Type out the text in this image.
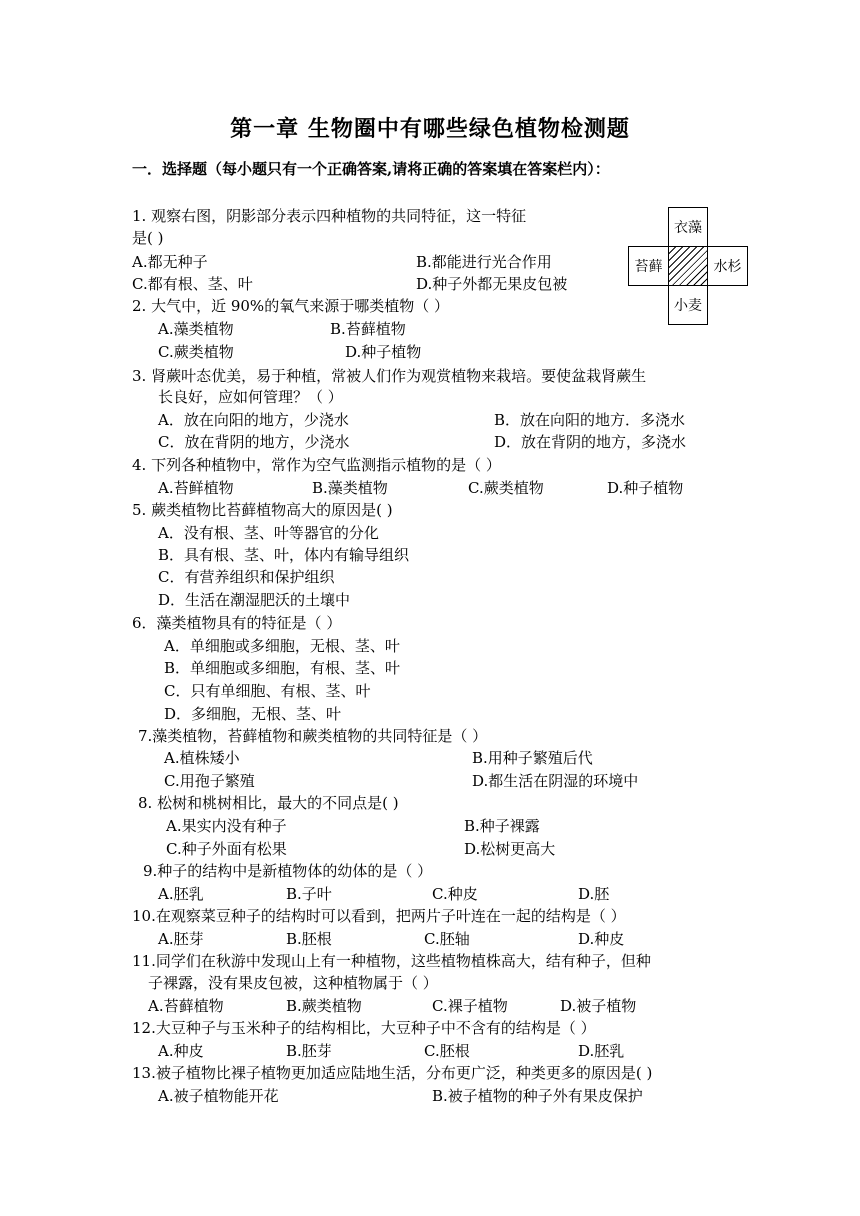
第一章 生物圈中有哪些绿色植物检测题
一．选择题（每小题只有一个正确答案,请将正确的答案填在答案栏内）：
衣藻
苔藓	水杉
小麦
1. 观察右图，阴影部分表示四种植物的共同特征，这一特征
是( )
A.都无种子	B.都能进行光合作用
C.都有根、茎、叶	D.种子外都无果皮包被
2. 大气中，近 90%的氧气来源于哪类植物（ ）
A.藻类植物	B.苔藓植物
C.蕨类植物	D.种子植物
3. 肾蕨叶态优美，易于种植，常被人们作为观赏植物来栽培。要使盆栽肾蕨生
长良好，应如何管理？（ ）
A．放在向阳的地方，少浇水	B．放在向阳的地方．多浇水
C．放在背阴的地方，少浇水	D．放在背阴的地方，多浇水
4. 下列各种植物中，常作为空气监测指示植物的是（ ）
A.苔鲜植物	B.藻类植物	C.蕨类植物	D.种子植物
5. 蕨类植物比苔藓植物高大的原因是( )
A．没有根、茎、叶等器官的分化
B．具有根、茎、叶，体内有输导组织
C．有营养组织和保护组织
D．生活在潮湿肥沃的土壤中
6．藻类植物具有的特征是（ ）
A．单细胞或多细胞，无根、茎、叶
B．单细胞或多细胞，有根、茎、叶
C．只有单细胞、有根、茎、叶
D．多细胞，无根、茎、叶
7.藻类植物，苔藓植物和蕨类植物的共同特征是（ ）
A.植株矮小	B.用种子繁殖后代
C.用孢子繁殖	D.都生活在阴湿的环境中
8. 松树和桃树相比，最大的不同点是( )
A.果实内没有种子	B.种子裸露
C.种子外面有松果	D.松树更高大
9.种子的结构中是新植物体的幼体的是（ ）
A.胚乳	B.子叶	C.种皮	D.胚
10.在观察菜豆种子的结构时可以看到，把两片子叶连在一起的结构是（ ）
A.胚芽	B.胚根	C.胚轴	D.种皮
11.同学们在秋游中发现山上有一种植物，这些植物植株高大，结有种子，但种
子裸露，没有果皮包被，这种植物属于（ ）
A.苔藓植物	B.蕨类植物	C.裸子植物	D.被子植物
12.大豆种子与玉米种子的结构相比，大豆种子中不含有的结构是（ ）
A.种皮	B.胚芽	C.胚根	D.胚乳
13.被子植物比裸子植物更加适应陆地生活，分布更广泛，种类更多的原因是( )
A.被子植物能开花	B.被子植物的种子外有果皮保护
